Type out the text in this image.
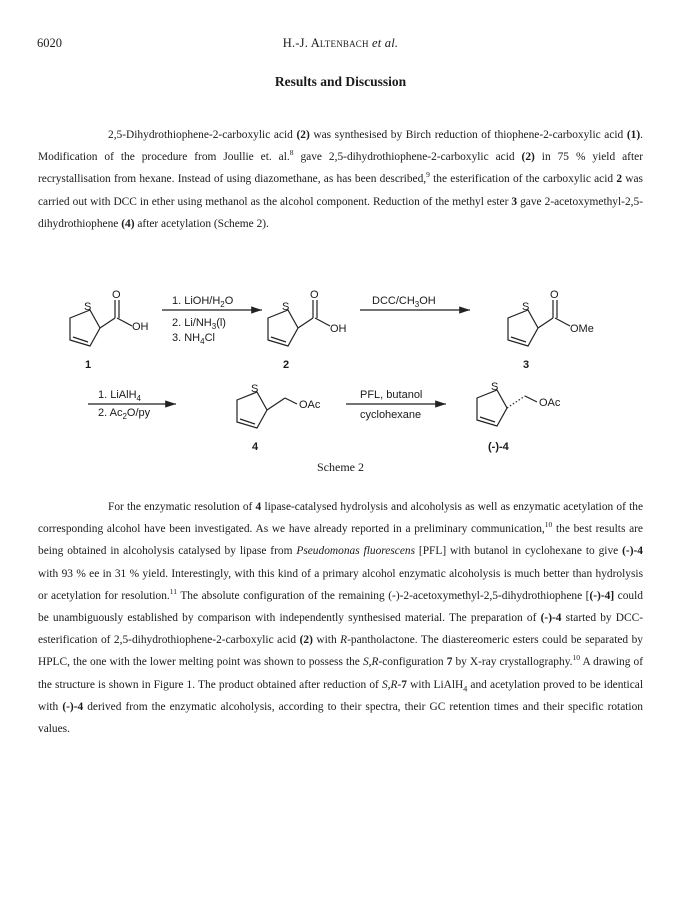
6020	H.-J. Altenbach et al.
Results and Discussion

2,5-Dihydrothiophene-2-carboxylic acid (2) was synthesised by Birch reduction of thiophene-2-carboxylic acid (1). Modification of the procedure from Joullie et. al.$^8$ gave 2,5-dihydrothiophene-2-carboxylic acid (2) in 75 % yield after recrystallisation from hexane. Instead of using diazomethane, as has been described,$^9$ the esterification of the carboxylic acid 2 was carried out with DCC in ether using methanol as the alcohol component. Reduction of the methyl ester 3 gave 2-acetoxymethyl-2,5-dihydrothiophene (4) after acetylation (Scheme 2).

S
O
OH
S
O
OH
S
O
OMe
S
OAc
S
OAc
1	2	3
4	(-)-4
1. LiOH/$H_2O$
2. $Li/NH_3(l)$
3. $NH_4Cl$
DCC/$CH_3OH$
1. LiAlH$_4$
2. $Ac_2O/py$
PFL, butanol
cyclohexane
Scheme 2

For the enzymatic resolution of 4 lipase-catalysed hydrolysis and alcoholysis as well as enzymatic acetylation of the corresponding alcohol have been investigated. As we have already reported in a preliminary communication,$^{10}$ the best results are being obtained in alcoholysis catalysed by lipase from Pseudomonas fluorescens [PFL] with butanol in cyclohexane to give (-)-4 with 93 % ee in 31 % yield. Interestingly, with this kind of a primary alcohol enzymatic alcoholysis is much better than hydrolysis or acetylation for resolution.$^{11}$ The absolute configuration of the remaining (-)-2-acetoxymethyl-2,5-dihydrothiophene [(-)-4] could be unambiguously established by comparison with independently synthesised material. The preparation of (-)-4 started by DCC-esterification of 2,5-dihydrothiophene-2-carboxylic acid (2) with R-pantholactone. The diastereomeric esters could be separated by HPLC, the one with the lower melting point was shown to possess the S,R-configuration 7 by X-ray crystallography.$^{10}$ A drawing of the structure is shown in Figure 1. The product obtained after reduction of S,R-7 with LiAlH$_4$ and acetylation proved to be identical with (-)-4 derived from the enzymatic alcoholysis, according to their spectra, their GC retention times and their specific rotation values.
